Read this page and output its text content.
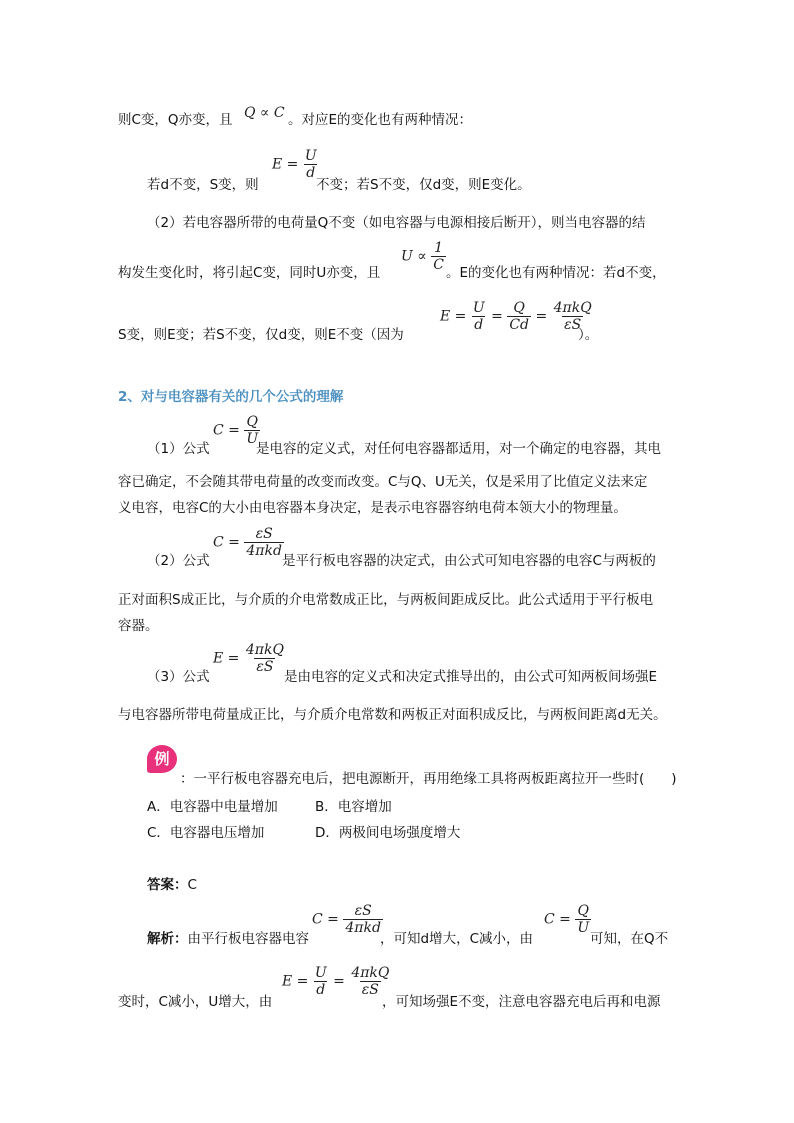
则C变，Q亦变，且 Q ∝ C 。对应E的变化也有两种情况：
若d不变，S变，则
$E = \frac{U}{d}$
不变；若S不变，仅d变，则E变化。
（2）若电容器所带的电荷量Q不变（如电容器与电源相接后断开），则当电容器的结
构发生变化时，将引起C变，同时U亦变，且
$U \propto \frac{1}{C}$ 。E的变化也有两种情况：若d不变，
S变，则E变；若S不变，仅d变，则E不变（因为
$E = \frac{U}{d} = \frac{Q}{Cd} = \frac{\text{4πkQ}}{\varepsilon S}$
）。
2、对与电容器有关的几个公式的理解
（1）公式
$C = \frac{Q}{U}$
是电容的定义式，对任何电容器都适用，对一个确定的电容器，其电
容已确定，不会随其带电荷量的改变而改变。C与Q、U无关，仅是采用了比值定义法来定
义电容，电容C的大小由电容器本身决定，是表示电容器容纳电荷本领大小的物理量。
（2）公式
$C = \frac{\varepsilon S}{\text{4πkd}}$
是平行板电容器的决定式，由公式可知电容器的电容C与两板的
正对面积S成正比，与介质的介电常数成正比，与两板间距成反比。此公式适用于平行板电
容器。
（3）公式
$E = \frac{\text{4πkQ}}{\varepsilon S}$
是由电容的定义式和决定式推导出的，由公式可知两板间场强E
与电容器所带电荷量成正比，与介质介电常数和两板正对面积成反比，与两板间距离d无关。
例
：一平行板电容器充电后，把电源断开，再用绝缘工具将两板距离拉开一些时(　　)
A．电容器中电量增加	B．电容增加
C．电容器电压增加	D．两极间电场强度增大
答案：C
解析：由平行板电容器电容
$C = \frac{\varepsilon S}{\text{4πkd}}$
，可知d增大，C减小，由
$C = \frac{Q}{U}$
可知，在Q不
变时，C减小，U增大，由
$E = \frac{U}{d} = \frac{\text{4πkQ}}{\varepsilon S}$
，可知场强E不变，注意电容器充电后再和电源
